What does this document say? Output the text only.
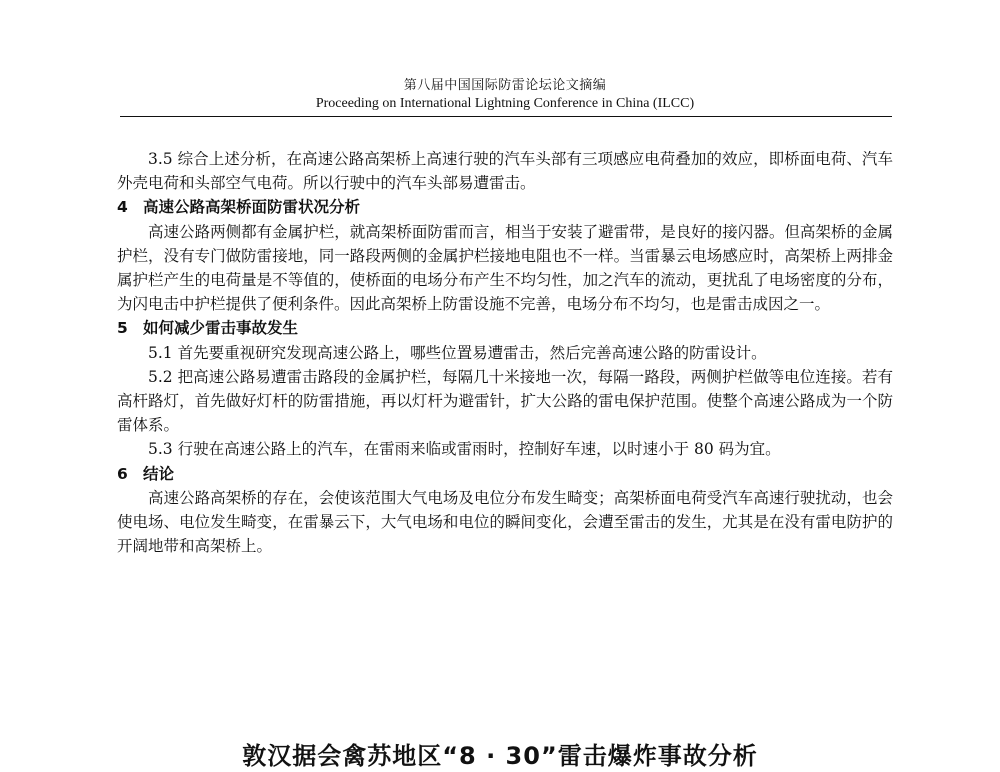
第八届中国国际防雷论坛论文摘编
Proceeding on International Lightning Conference in China (ILCC)

3.5 综合上述分析，在高速公路高架桥上高速行驶的汽车头部有三项感应电荷叠加的效应，即桥面电荷、汽车外壳电荷和头部空气电荷。所以行驶中的汽车头部易遭雷击。

4 高速公路高架桥面防雷状况分析

高速公路两侧都有金属护栏，就高架桥面防雷而言，相当于安装了避雷带，是良好的接闪器。但高架桥的金属护栏，没有专门做防雷接地，同一路段两侧的金属护栏接地电阻也不一样。当雷暴云电场感应时，高架桥上两排金属护栏产生的电荷量是不等值的，使桥面的电场分布产生不均匀性，加之汽车的流动，更扰乱了电场密度的分布，为闪电击中护栏提供了便利条件。因此高架桥上防雷设施不完善，电场分布不均匀，也是雷击成因之一。

5 如何减少雷击事故发生

5.1 首先要重视研究发现高速公路上，哪些位置易遭雷击，然后完善高速公路的防雷设计。

5.2 把高速公路易遭雷击路段的金属护栏，每隔几十米接地一次，每隔一路段，两侧护栏做等电位连接。若有高杆路灯，首先做好灯杆的防雷措施，再以灯杆为避雷针，扩大公路的雷电保护范围。使整个高速公路成为一个防雷体系。

5.3 行驶在高速公路上的汽车，在雷雨来临或雷雨时，控制好车速，以时速小于 80 码为宜。

6 结论

高速公路高架桥的存在，会使该范围大气电场及电位分布发生畸变；高架桥面电荷受汽车高速行驶扰动，也会使电场、电位发生畸变，在雷暴云下，大气电场和电位的瞬间变化，会遭至雷击的发生，尤其是在没有雷电防护的开阔地带和高架桥上。

敦汉据会禽苏地区“8 · 30”雷击爆炸事故分析
